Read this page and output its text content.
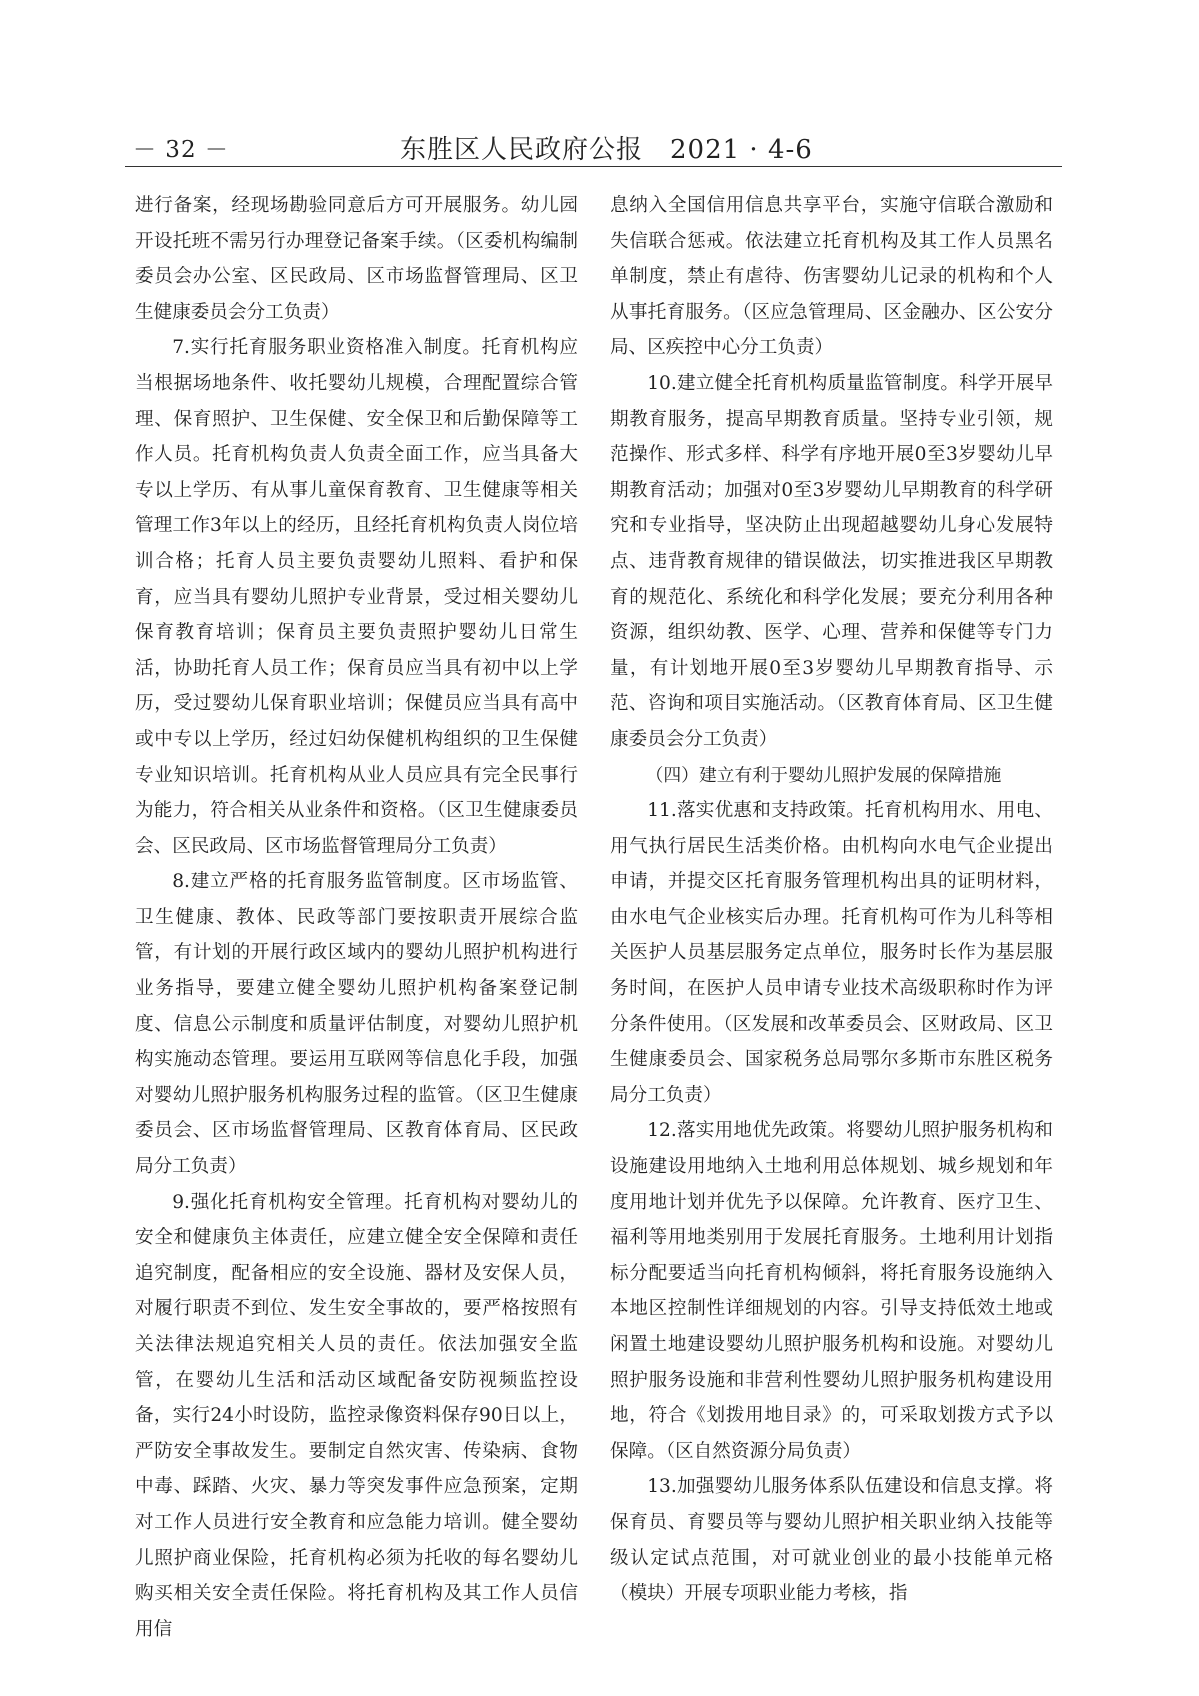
－ 32 －	东胜区人民政府公报　2021 · 4-6

进行备案，经现场勘验同意后方可开展服务。幼儿园开设托班不需另行办理登记备案手续。（区委机构编制委员会办公室、区民政局、区市场监督管理局、区卫生健康委员会分工负责）

7.实行托育服务职业资格准入制度。托育机构应当根据场地条件、收托婴幼儿规模，合理配置综合管理、保育照护、卫生保健、安全保卫和后勤保障等工作人员。托育机构负责人负责全面工作，应当具备大专以上学历、有从事儿童保育教育、卫生健康等相关管理工作3年以上的经历，且经托育机构负责人岗位培训合格；托育人员主要负责婴幼儿照料、看护和保育，应当具有婴幼儿照护专业背景，受过相关婴幼儿保育教育培训；保育员主要负责照护婴幼儿日常生活，协助托育人员工作；保育员应当具有初中以上学历，受过婴幼儿保育职业培训；保健员应当具有高中或中专以上学历，经过妇幼保健机构组织的卫生保健专业知识培训。托育机构从业人员应具有完全民事行为能力，符合相关从业条件和资格。（区卫生健康委员会、区民政局、区市场监督管理局分工负责）

8.建立严格的托育服务监管制度。区市场监管、卫生健康、教体、民政等部门要按职责开展综合监管，有计划的开展行政区域内的婴幼儿照护机构进行业务指导，要建立健全婴幼儿照护机构备案登记制度、信息公示制度和质量评估制度，对婴幼儿照护机构实施动态管理。要运用互联网等信息化手段，加强对婴幼儿照护服务机构服务过程的监管。（区卫生健康委员会、区市场监督管理局、区教育体育局、区民政局分工负责）

9.强化托育机构安全管理。托育机构对婴幼儿的安全和健康负主体责任，应建立健全安全保障和责任追究制度，配备相应的安全设施、器材及安保人员，对履行职责不到位、发生安全事故的，要严格按照有关法律法规追究相关人员的责任。依法加强安全监管，在婴幼儿生活和活动区域配备安防视频监控设备，实行24小时设防，监控录像资料保存90日以上，严防安全事故发生。要制定自然灾害、传染病、食物中毒、踩踏、火灾、暴力等突发事件应急预案，定期对工作人员进行安全教育和应急能力培训。健全婴幼儿照护商业保险，托育机构必须为托收的每名婴幼儿购买相关安全责任保险。将托育机构及其工作人员信用信

息纳入全国信用信息共享平台，实施守信联合激励和失信联合惩戒。依法建立托育机构及其工作人员黑名单制度，禁止有虐待、伤害婴幼儿记录的机构和个人从事托育服务。（区应急管理局、区金融办、区公安分局、区疾控中心分工负责）

10.建立健全托育机构质量监管制度。科学开展早期教育服务，提高早期教育质量。坚持专业引领，规范操作、形式多样、科学有序地开展0至3岁婴幼儿早期教育活动；加强对0至3岁婴幼儿早期教育的科学研究和专业指导，坚决防止出现超越婴幼儿身心发展特点、违背教育规律的错误做法，切实推进我区早期教育的规范化、系统化和科学化发展；要充分利用各种资源，组织幼教、医学、心理、营养和保健等专门力量，有计划地开展0至3岁婴幼儿早期教育指导、示范、咨询和项目实施活动。（区教育体育局、区卫生健康委员会分工负责）

（四）建立有利于婴幼儿照护发展的保障措施

11.落实优惠和支持政策。托育机构用水、用电、用气执行居民生活类价格。由机构向水电气企业提出申请，并提交区托育服务管理机构出具的证明材料，由水电气企业核实后办理。托育机构可作为儿科等相关医护人员基层服务定点单位，服务时长作为基层服务时间，在医护人员申请专业技术高级职称时作为评分条件使用。（区发展和改革委员会、区财政局、区卫生健康委员会、国家税务总局鄂尔多斯市东胜区税务局分工负责）

12.落实用地优先政策。将婴幼儿照护服务机构和设施建设用地纳入土地利用总体规划、城乡规划和年度用地计划并优先予以保障。允许教育、医疗卫生、福利等用地类别用于发展托育服务。土地利用计划指标分配要适当向托育机构倾斜，将托育服务设施纳入本地区控制性详细规划的内容。引导支持低效土地或闲置土地建设婴幼儿照护服务机构和设施。对婴幼儿照护服务设施和非营利性婴幼儿照护服务机构建设用地，符合《划拨用地目录》的，可采取划拨方式予以保障。（区自然资源分局负责）

13.加强婴幼儿服务体系队伍建设和信息支撑。将保育员、育婴员等与婴幼儿照护相关职业纳入技能等级认定试点范围，对可就业创业的最小技能单元格（模块）开展专项职业能力考核，指
